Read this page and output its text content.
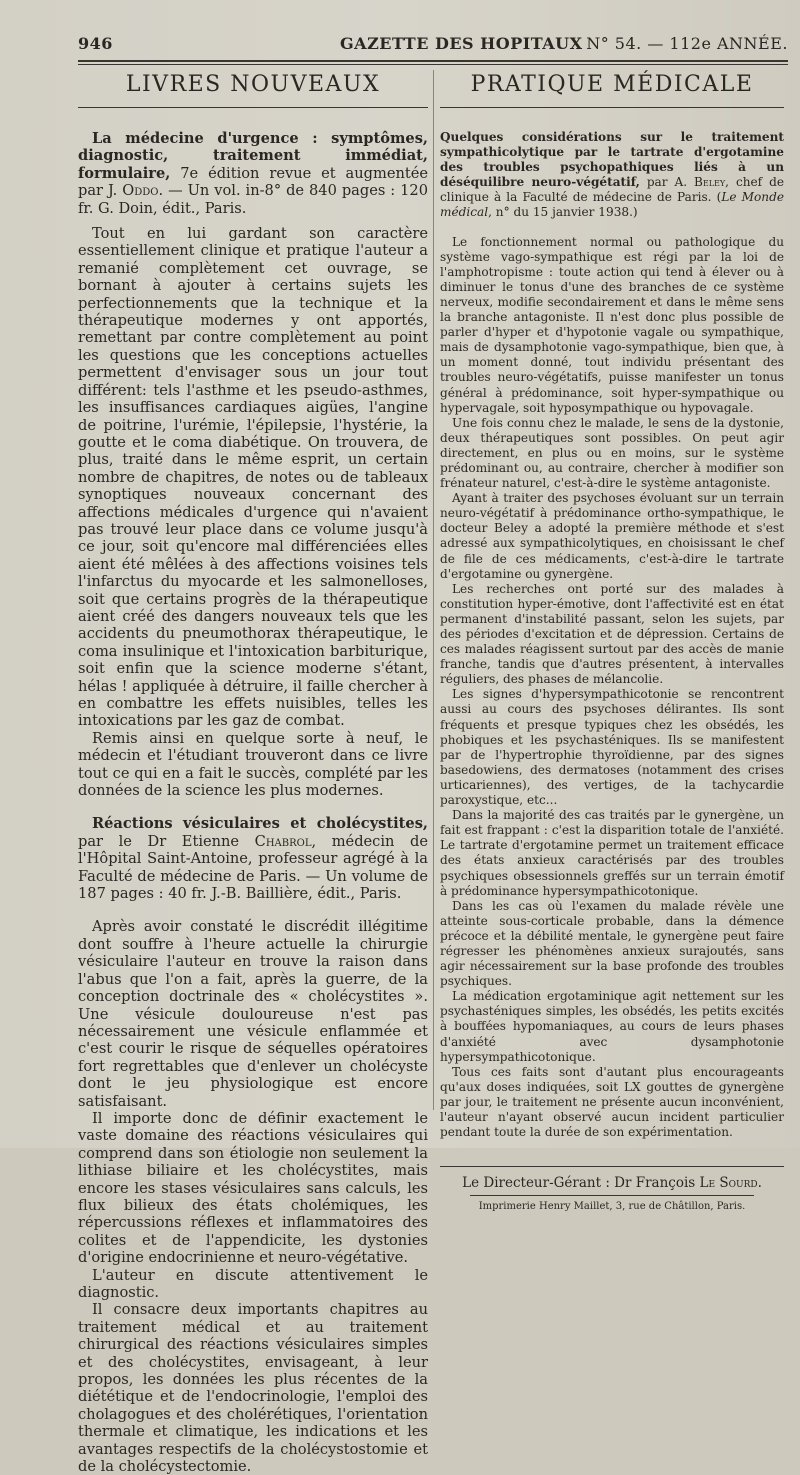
946	GAZETTE DES HOPITAUX N° 54. — 112e ANNÉE.
LIVRES NOUVEAUX

La médecine d'urgence : symptômes, diagnostic, traitement immédiat, formulaire, 7e édition revue et augmentée par J. Oddo. — Un vol. in-8° de 840 pages : 120 fr. G. Doin, édit., Paris.

Tout en lui gardant son caractère essentiellement clinique et pratique l'auteur a remanié complètement cet ouvrage, se bornant à ajouter à certains sujets les perfectionnements que la technique et la thérapeutique modernes y ont apportés, remettant par contre complètement au point les questions que les conceptions actuelles permettent d'envisager sous un jour tout différent: tels l'asthme et les pseudo-asthmes, les insuffisances cardiaques aigües, l'angine de poitrine, l'urémie, l'épilepsie, l'hystérie, la goutte et le coma diabétique. On trouvera, de plus, traité dans le même esprit, un certain nombre de chapitres, de notes ou de tableaux synoptiques nouveaux concernant des affections médicales d'urgence qui n'avaient pas trouvé leur place dans ce volume jusqu'à ce jour, soit qu'encore mal différenciées elles aient été mêlées à des affections voisines tels l'infarctus du myocarde et les salmonelloses, soit que certains progrès de la thérapeutique aient créé des dangers nouveaux tels que les accidents du pneumothorax thérapeutique, le coma insulinique et l'intoxication barbiturique, soit enfin que la science moderne s'étant, hélas ! appliquée à détruire, il faille chercher à en combattre les effets nuisibles, telles les intoxications par les gaz de combat.

Remis ainsi en quelque sorte à neuf, le médecin et l'étudiant trouveront dans ce livre tout ce qui en a fait le succès, complété par les données de la science les plus modernes.

Réactions vésiculaires et cholécystites, par le Dr Etienne Chabrol, médecin de l'Hôpital Saint-Antoine, professeur agrégé à la Faculté de médecine de Paris. — Un volume de 187 pages : 40 fr. J.-B. Baillière, édit., Paris.

Après avoir constaté le discrédit illégitime dont souffre à l'heure actuelle la chirurgie vésiculaire l'auteur en trouve la raison dans l'abus que l'on a fait, après la guerre, de la conception doctrinale des « cholécystites ». Une vésicule douloureuse n'est pas nécessairement une vésicule enflammée et c'est courir le risque de séquelles opératoires fort regrettables que d'enlever un cholécyste dont le jeu physiologique est encore satisfaisant.

Il importe donc de définir exactement le vaste domaine des réactions vésiculaires qui comprend dans son étiologie non seulement la lithiase biliaire et les cholécystites, mais encore les stases vésiculaires sans calculs, les flux bilieux des états cholémiques, les répercussions réflexes et inflammatoires des colites et de l'appendicite, les dystonies d'origine endocrinienne et neuro-végétative.

L'auteur en discute attentivement le diagnostic.

Il consacre deux importants chapitres au traitement médical et au traitement chirurgical des réactions vésiculaires simples et des cholécystites, envisageant, à leur propos, les données les plus récentes de la diététique et de l'endocrinologie, l'emploi des cholagogues et des cholérétiques, l'orientation thermale et climatique, les indications et les avantages respectifs de la cholécystostomie et de la cholécystectomie.

PRATIQUE MÉDICALE

Quelques considérations sur le traitement sympathicolytique par le tartrate d'ergotamine des troubles psychopathiques liés à un déséquilibre neuro-végétatif, par A. Beley, chef de clinique à la Faculté de médecine de Paris. (Le Monde médical, n° du 15 janvier 1938.)

Le fonctionnement normal ou pathologique du système vago-sympathique est régi par la loi de l'amphotropisme : toute action qui tend à élever ou à diminuer le tonus d'une des branches de ce système nerveux, modifie secondairement et dans le même sens la branche antagoniste. Il n'est donc plus possible de parler d'hyper et d'hypotonie vagale ou sympathique, mais de dysamphotonie vago-sympathique, bien que, à un moment donné, tout individu présentant des troubles neuro-végétatifs, puisse manifester un tonus général à prédominance, soit hyper-sympathique ou hypervagale, soit hyposympathique ou hypovagale.

Une fois connu chez le malade, le sens de la dystonie, deux thérapeutiques sont possibles. On peut agir directement, en plus ou en moins, sur le système prédominant ou, au contraire, chercher à modifier son frénateur naturel, c'est-à-dire le système antagoniste.

Ayant à traiter des psychoses évoluant sur un terrain neuro-végétatif à prédominance ortho-sympathique, le docteur Beley a adopté la première méthode et s'est adressé aux sympathicolytiques, en choisissant le chef de file de ces médicaments, c'est-à-dire le tartrate d'ergotamine ou gynergène.

Les recherches ont porté sur des malades à constitution hyper-émotive, dont l'affectivité est en état permanent d'instabilité passant, selon les sujets, par des périodes d'excitation et de dépression. Certains de ces malades réagissent surtout par des accès de manie franche, tandis que d'autres présentent, à intervalles réguliers, des phases de mélancolie.

Les signes d'hypersympathicotonie se rencontrent aussi au cours des psychoses délirantes. Ils sont fréquents et presque typiques chez les obsédés, les phobiques et les psychasténiques. Ils se manifestent par de l'hypertrophie thyroïdienne, par des signes basedowiens, des dermatoses (notamment des crises urticariennes), des vertiges, de la tachycardie paroxystique, etc...

Dans la majorité des cas traités par le gynergène, un fait est frappant : c'est la disparition totale de l'anxiété. Le tartrate d'ergotamine permet un traitement efficace des états anxieux caractérisés par des troubles psychiques obsessionnels greffés sur un terrain émotif à prédominance hypersympathicotonique.

Dans les cas où l'examen du malade révèle une atteinte sous-corticale probable, dans la démence précoce et la débilité mentale, le gynergène peut faire régresser les phénomènes anxieux surajoutés, sans agir nécessairement sur la base profonde des troubles psychiques.

La médication ergotaminique agit nettement sur les psychasténiques simples, les obsédés, les petits excités à bouffées hypomaniaques, au cours de leurs phases d'anxiété avec dysamphotonie hypersympathicotonique.

Tous ces faits sont d'autant plus encourageants qu'aux doses indiquées, soit LX gouttes de gynergène par jour, le traitement ne présente aucun inconvénient, l'auteur n'ayant observé aucun incident particulier pendant toute la durée de son expérimentation.

Le Directeur-Gérant : Dr François Le Sourd.
Imprimerie Henry Maillet, 3, rue de Châtillon, Paris.
